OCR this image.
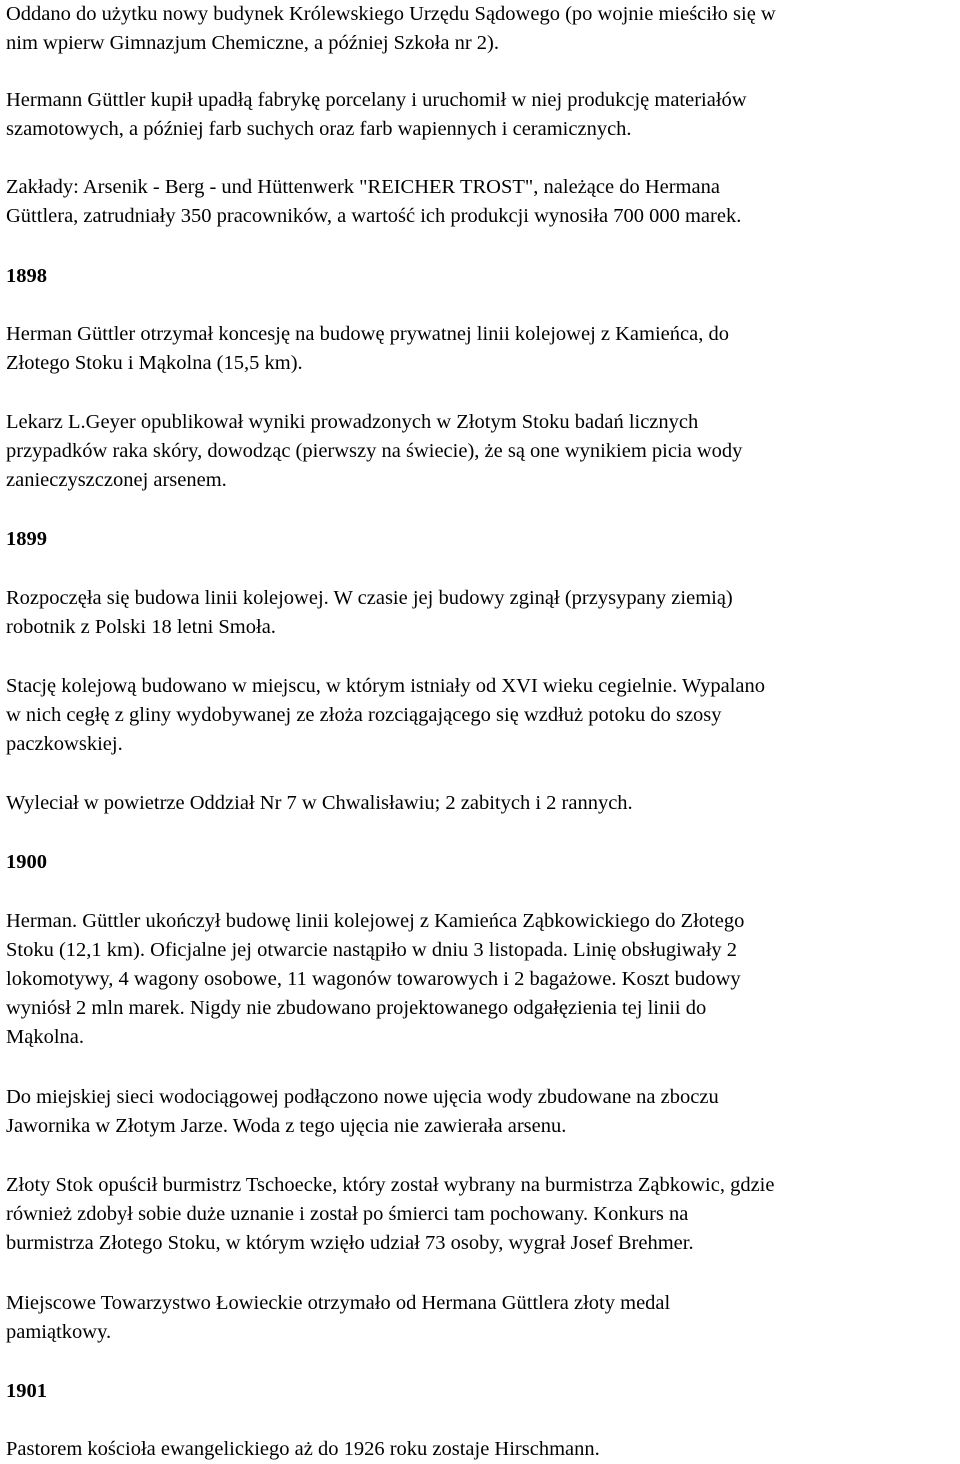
Oddano do użytku nowy budynek Królewskiego Urzędu Sądowego (po wojnie mieściło się w
nim wpierw Gimnazjum Chemiczne, a później Szkoła nr 2).
Hermann Güttler kupił upadłą fabrykę porcelany i uruchomił w niej produkcję materiałów
szamotowych, a później farb suchych oraz farb wapiennych i ceramicznych.
Zakłady: Arsenik - Berg - und Hüttenwerk "REICHER TROST", należące do Hermana
Güttlera, zatrudniały 350 pracowników, a wartość ich produkcji wynosiła 700 000 marek.
1898
Herman Güttler otrzymał koncesję na budowę prywatnej linii kolejowej z Kamieńca, do
Złotego Stoku i Mąkolna (15,5 km).
Lekarz L.Geyer opublikował wyniki prowadzonych w Złotym Stoku badań licznych
przypadków raka skóry, dowodząc (pierwszy na świecie), że są one wynikiem picia wody
zanieczyszczonej arsenem.
1899
Rozpoczęła się budowa linii kolejowej. W czasie jej budowy zginął (przysypany ziemią)
robotnik z Polski 18 letni Smoła.
Stację kolejową budowano w miejscu, w którym istniały od XVI wieku cegielnie. Wypalano
w nich cegłę z gliny wydobywanej ze złoża rozciągającego się wzdłuż potoku do szosy
paczkowskiej.
Wyleciał w powietrze Oddział Nr 7 w Chwalisławiu; 2 zabitych i 2 rannych.
1900
Herman. Güttler ukończył budowę linii kolejowej z Kamieńca Ząbkowickiego do Złotego
Stoku (12,1 km). Oficjalne jej otwarcie nastąpiło w dniu 3 listopada. Linię obsługiwały 2
lokomotywy, 4 wagony osobowe, 11 wagonów towarowych i 2 bagażowe. Koszt budowy
wyniósł 2 mln marek. Nigdy nie zbudowano projektowanego odgałęzienia tej linii do
Mąkolna.
Do miejskiej sieci wodociągowej podłączono nowe ujęcia wody zbudowane na zboczu
Jawornika w Złotym Jarze. Woda z tego ujęcia nie zawierała arsenu.
Złoty Stok opuścił burmistrz Tschoecke, który został wybrany na burmistrza Ząbkowic, gdzie
również zdobył sobie duże uznanie i został po śmierci tam pochowany. Konkurs na
burmistrza Złotego Stoku, w którym wzięło udział 73 osoby, wygrał Josef Brehmer.
Miejscowe Towarzystwo Łowieckie otrzymało od Hermana Güttlera złoty medal
pamiątkowy.
1901
Pastorem kościoła ewangelickiego aż do 1926 roku zostaje Hirschmann.
